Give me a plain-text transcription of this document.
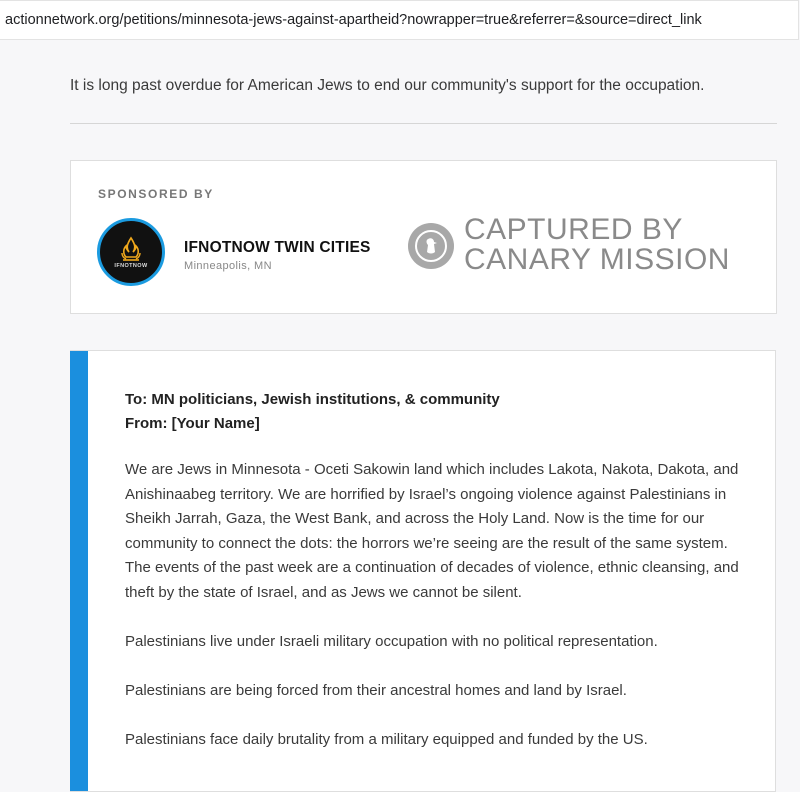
actionnetwork.org/petitions/minnesota-jews-against-apartheid?nowrapper=true&referrer=&source=direct_link
It is long past overdue for American Jews to end our community's support for the occupation.
SPONSORED BY
IFNOTNOW
IFNOTNOW TWIN CITIES
Minneapolis, MN
CAPTURED BY
CANARY MISSION
To: MN politicians, Jewish institutions, & community
From: [Your Name]
We are Jews in Minnesota - Oceti Sakowin land which includes Lakota, Nakota, Dakota, and Anishinaabeg territory. We are horrified by Israel’s ongoing violence against Palestinians in Sheikh Jarrah, Gaza, the West Bank, and across the Holy Land. Now is the time for our community to connect the dots: the horrors we’re seeing are the result of the same system. The events of the past week are a continuation of decades of violence, ethnic cleansing, and theft by the state of Israel, and as Jews we cannot be silent.
Palestinians live under Israeli military occupation with no political representation.
Palestinians are being forced from their ancestral homes and land by Israel.
Palestinians face daily brutality from a military equipped and funded by the US.
